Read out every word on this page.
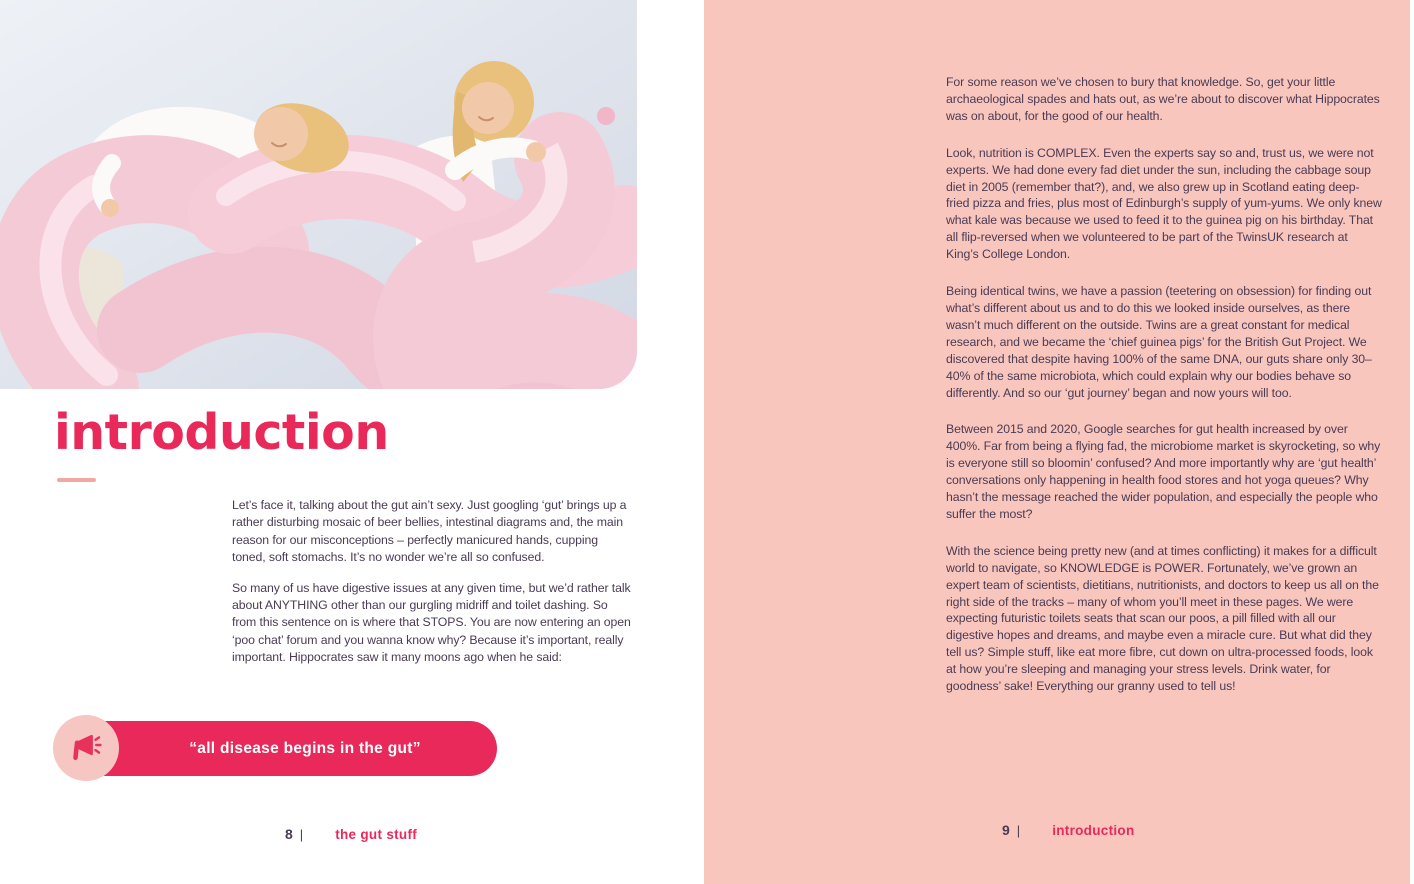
introduction

Let’s face it, talking about the gut ain’t sexy. Just googling ‘gut’ brings up a rather disturbing mosaic of beer bellies, intestinal diagrams and, the main reason for our misconceptions – perfectly manicured hands, cupping toned, soft stomachs. It’s no wonder we’re all so confused.

So many of us have digestive issues at any given time, but we’d rather talk about ANYTHING other than our gurgling midriff and toilet dashing. So from this sentence on is where that STOPS. You are now entering an open ‘poo chat’ forum and you wanna know why? Because it’s important, really important. Hippocrates saw it many moons ago when he said:

“all disease begins in the gut”
8 | the gut stuff

For some reason we’ve chosen to bury that knowledge. So, get your little archaeological spades and hats out, as we’re about to discover what Hippocrates was on about, for the good of our health.

Look, nutrition is COMPLEX. Even the experts say so and, trust us, we were not experts. We had done every fad diet under the sun, including the cabbage soup diet in 2005 (remember that?), and, we also grew up in Scotland eating deep-fried pizza and fries, plus most of Edinburgh’s supply of yum-yums. We only knew what kale was because we used to feed it to the guinea pig on his birthday. That all flip-reversed when we volunteered to be part of the TwinsUK research at King’s College London.

Being identical twins, we have a passion (teetering on obsession) for finding out what’s different about us and to do this we looked inside ourselves, as there wasn’t much different on the outside. Twins are a great constant for medical research, and we became the ‘chief guinea pigs’ for the British Gut Project. We discovered that despite having 100% of the same DNA, our guts share only 30–40% of the same microbiota, which could explain why our bodies behave so differently. And so our ‘gut journey’ began and now yours will too.

Between 2015 and 2020, Google searches for gut health increased by over 400%. Far from being a flying fad, the microbiome market is skyrocketing, so why is everyone still so bloomin’ confused? And more importantly why are ‘gut health’ conversations only happening in health food stores and hot yoga queues? Why hasn’t the message reached the wider population, and especially the people who suffer the most?

With the science being pretty new (and at times conflicting) it makes for a difficult world to navigate, so KNOWLEDGE is POWER. Fortunately, we’ve grown an expert team of scientists, dietitians, nutritionists, and doctors to keep us all on the right side of the tracks – many of whom you’ll meet in these pages. We were expecting futuristic toilets seats that scan our poos, a pill filled with all our digestive hopes and dreams, and maybe even a miracle cure. But what did they tell us? Simple stuff, like eat more fibre, cut down on ultra-processed foods, look at how you’re sleeping and managing your stress levels. Drink water, for goodness’ sake! Everything our granny used to tell us!

9 | introduction
